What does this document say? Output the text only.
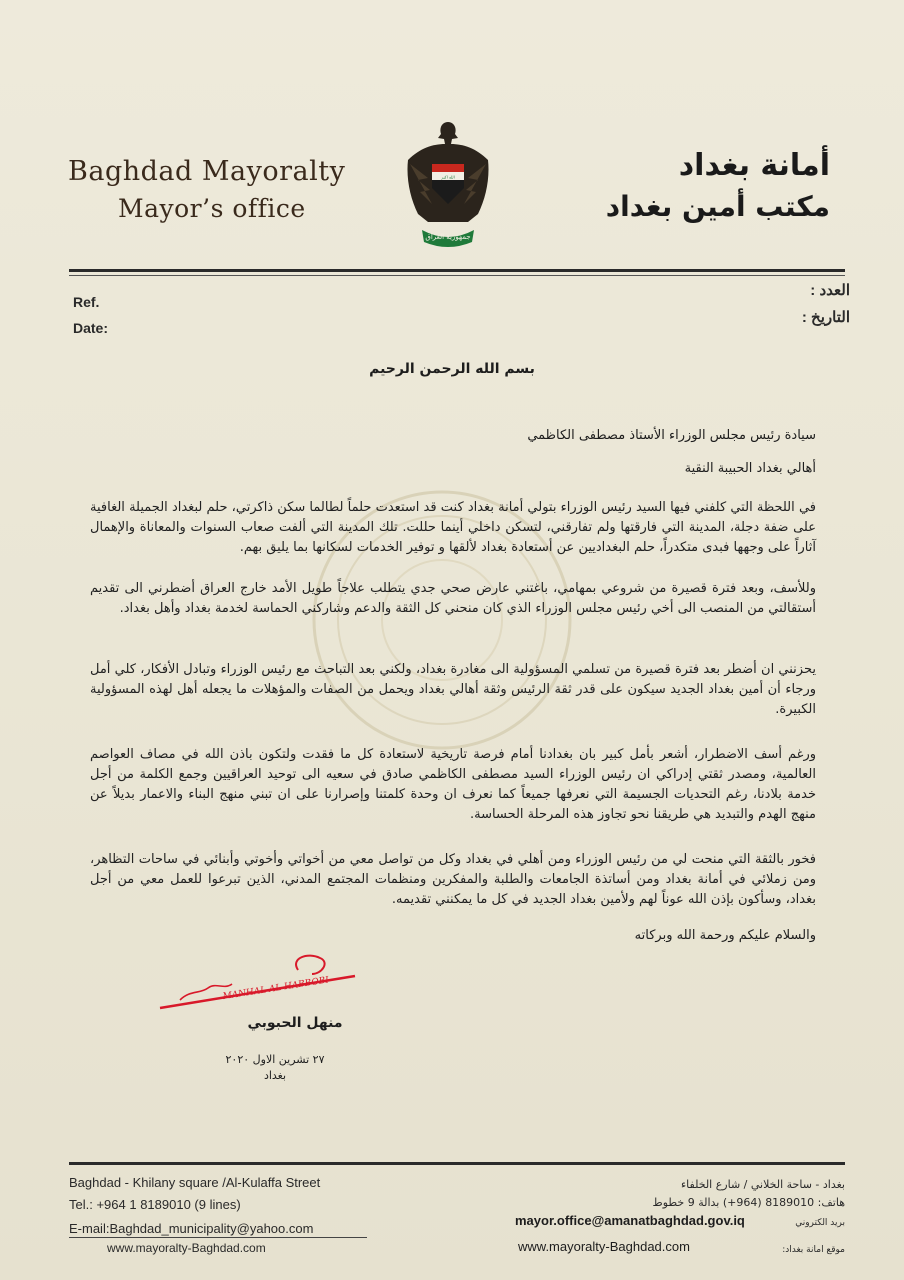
Baghdad Mayoralty
Mayor’s office
الله اكبر
جمهورية العراق
أمانة بغداد
مكتب أمين بغداد
Ref.
Date:
العدد :
التاريخ :
بسم الله الرحمن الرحيم
سيادة رئيس مجلس الوزراء الأستاذ مصطفى الكاظمي
أهالي بغداد الحبيبة النقية
في اللحظة التي كلفني فيها السيد رئيس الوزراء بتولي أمانة بغداد كنت قد استعدت حلماً لطالما سكن ذاكرتي، حلم لبغداد الجميلة الغافية على ضفة دجلة، المدينة التي فارقتها ولم تفارقني، لتسكن داخلي أينما حللت. تلك المدينة التي ألفت صعاب السنوات والمعاناة والإهمال آثاراً على وجهها فبدى متكدراً، حلم البغداديين عن أستعادة بغداد لألقها و توفير الخدمات لسكانها بما يليق بهم.
وللأسف، وبعد فترة قصيرة من شروعي بمهامي، باغتني عارض صحي جدي يتطلب علاجاً طويل الأمد خارج العراق أضطرني الى تقديم أستقالتي من المنصب الى أخي رئيس مجلس الوزراء الذي كان منحني كل الثقة والدعم وشاركني الحماسة لخدمة بغداد وأهل بغداد.
يحزنني ان أضطر بعد فترة قصيرة من تسلمي المسؤولية الى مغادرة بغداد، ولكني بعد التباحث مع رئيس الوزراء وتبادل الأفكار، كلي أمل ورجاء أن أمين بغداد الجديد سيكون على قدر ثقة الرئيس وثقة أهالي بغداد ويحمل من الصفات والمؤهلات ما يجعله أهل لهذه المسؤولية الكبيرة.
ورغم أسف الاضطرار، أشعر بأمل كبير بان بغدادنا أمام فرصة تاريخية لاستعادة كل ما فقدت ولتكون باذن الله في مصاف العواصم العالمية، ومصدر ثقتي إدراكي ان رئيس الوزراء السيد مصطفى الكاظمي صادق في سعيه الى توحيد العراقيين وجمع الكلمة من أجل خدمة بلادنا، رغم التحديات الجسيمة التي نعرفها جميعاً كما نعرف ان وحدة كلمتنا وإصرارنا على ان تبني منهج البناء والاعمار بديلاً عن منهج الهدم والتبديد هي طريقنا نحو تجاوز هذه المرحلة الحساسة.
فخور بالثقة التي منحت لي من رئيس الوزراء ومن أهلي في بغداد وكل من تواصل معي من أخواتي وأخوتي وأبنائي في ساحات التظاهر، ومن زملائي في أمانة بغداد ومن أساتذة الجامعات والطلبة والمفكرين ومنظمات المجتمع المدني، الذين تبرعوا للعمل معي من أجل بغداد، وسأكون بإذن الله عوناً لهم ولأمين بغداد الجديد في كل ما يمكنني تقديمه.
والسلام عليكم ورحمة الله وبركاته
MANHAL AL HABBOBI
منهل الحبوبي
٢٧ تشرين الاول ٢٠٢٠
بغداد
Baghdad - Khilany square /Al-Kulaffa Street
Tel.: +964 1 8189010 (9 lines)
E-mail:Baghdad_municipality@yahoo.com
www.mayoralty-Baghdad.com
بغداد - ساحة الخلاني / شارع الخلفاء
هاتف: 8189010 (964+) بدالة 9 خطوط
بريد الكتروني
mayor.office@amanatbaghdad.gov.iq
موقع امانة بغداد:
www.mayoralty-Baghdad.com
